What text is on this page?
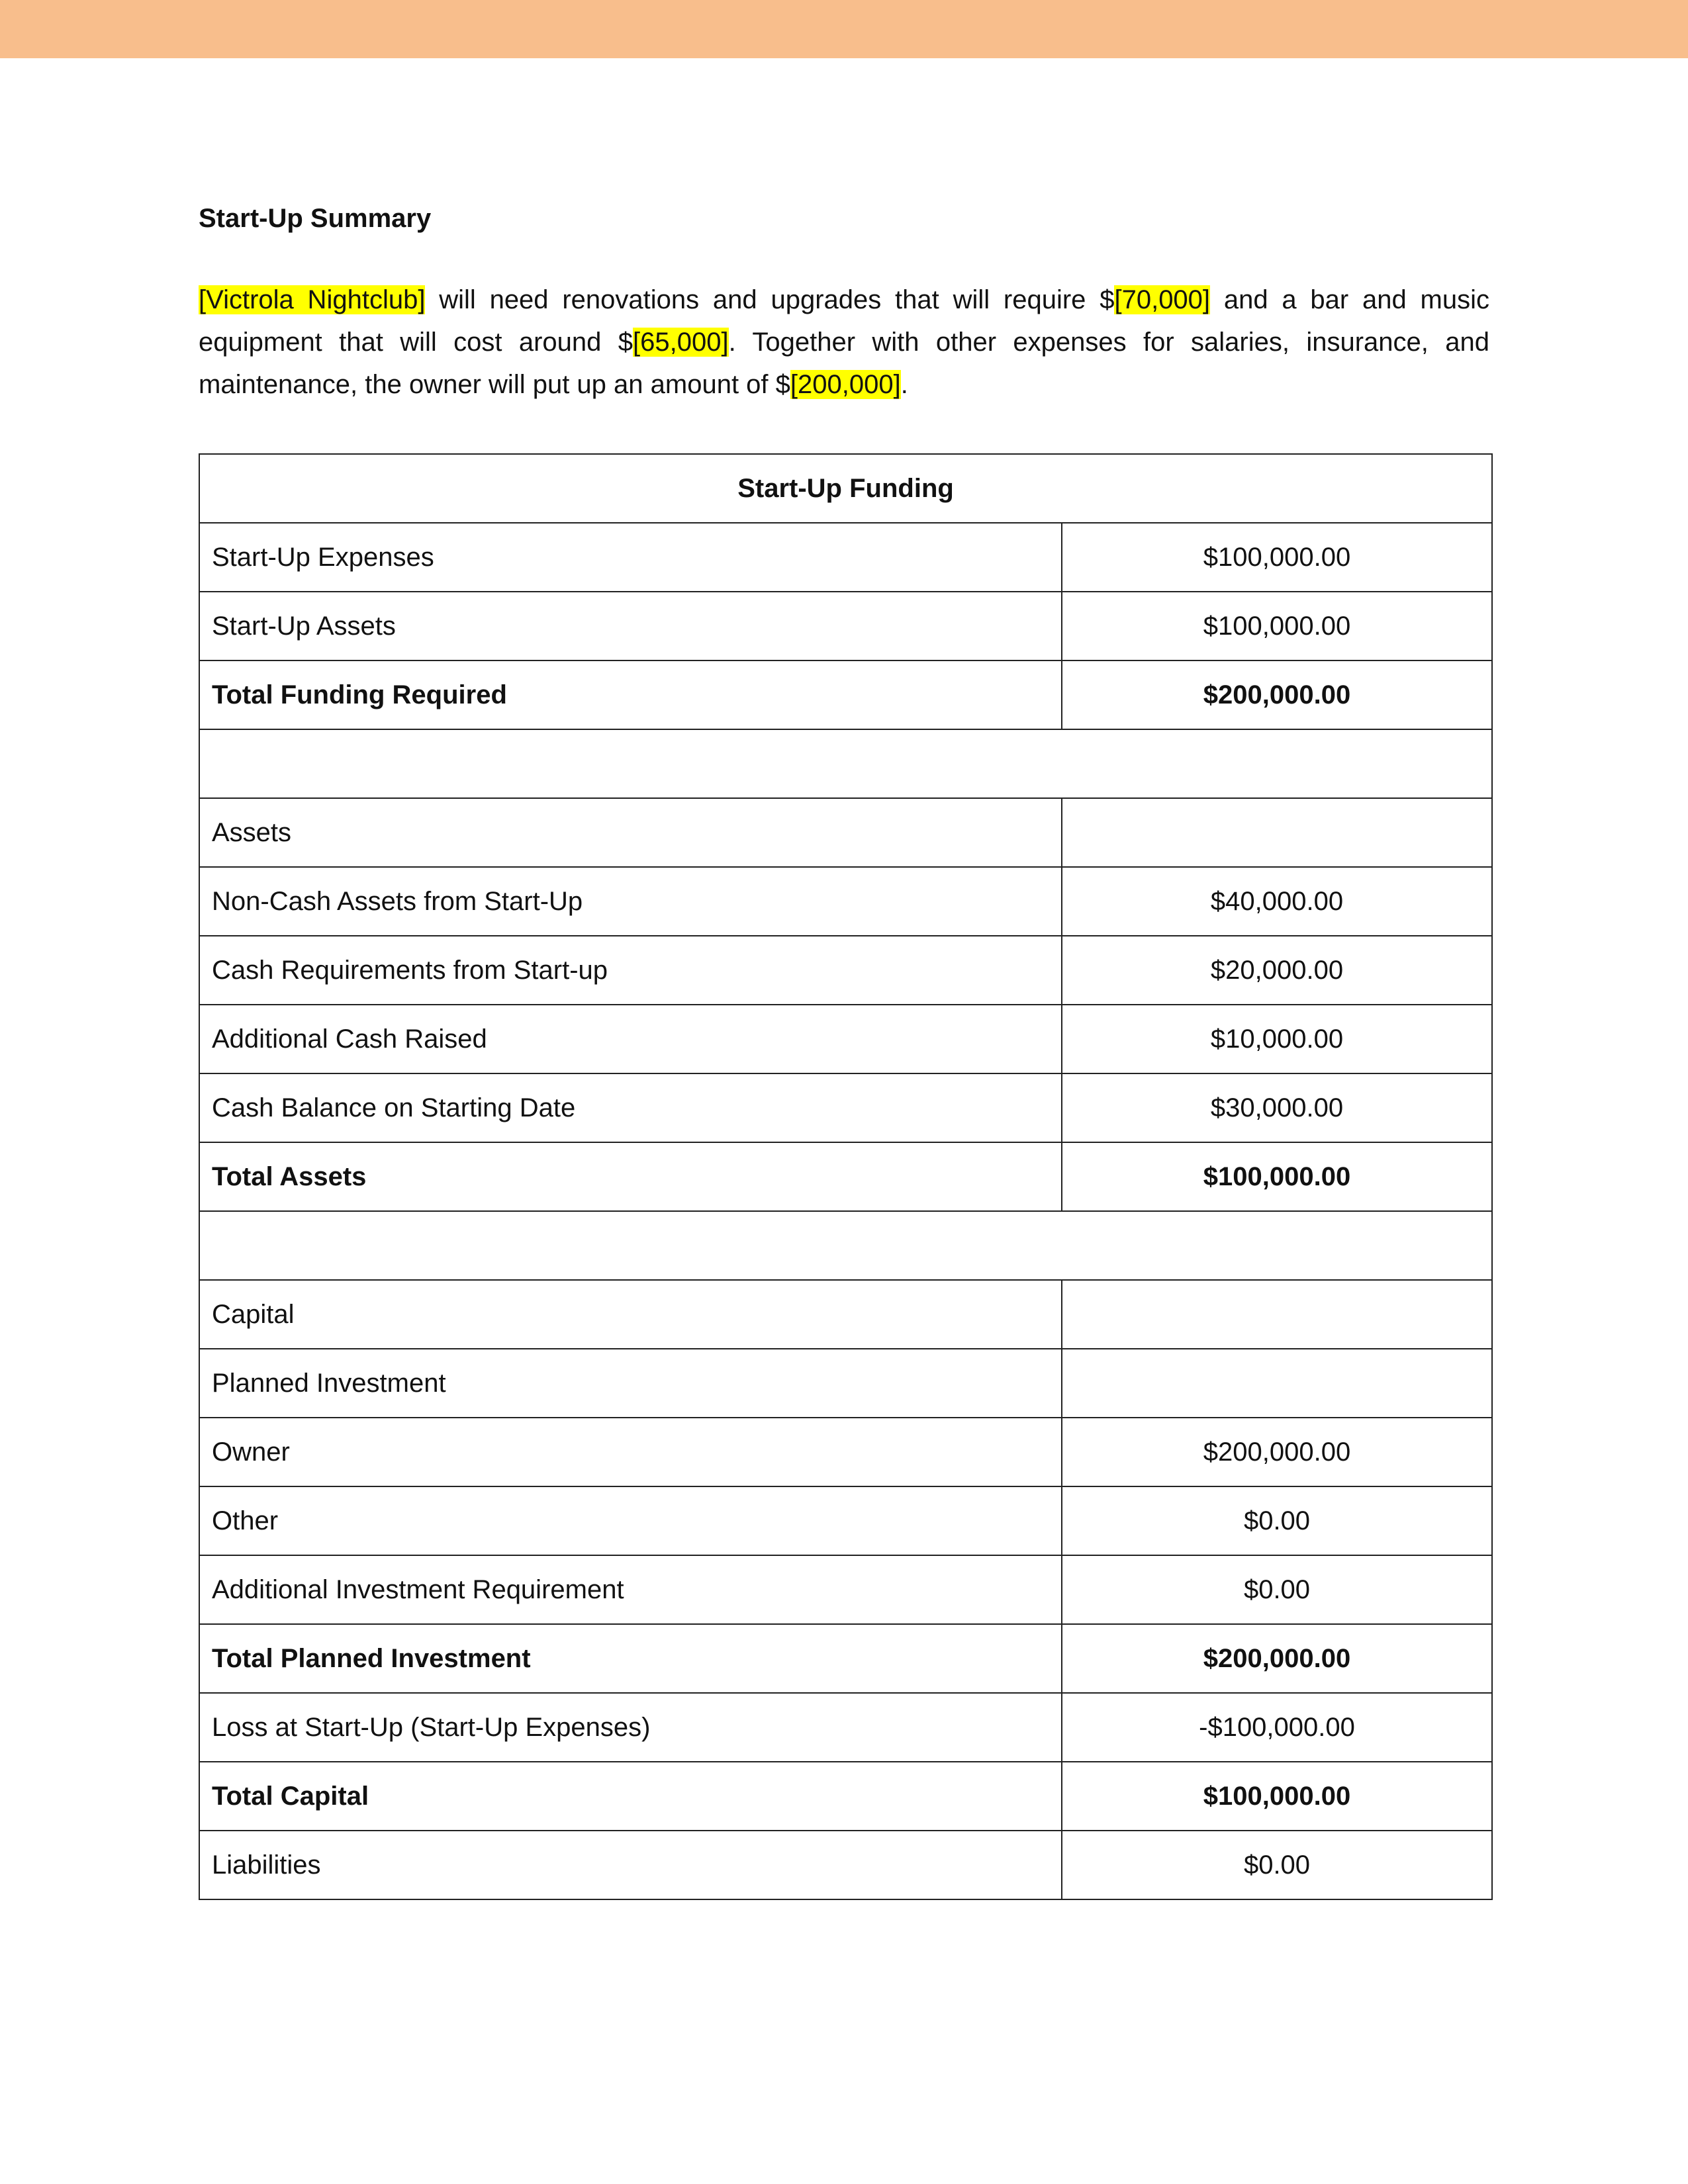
Start-Up Summary

[Victrola Nightclub] will need renovations and upgrades that will require $[70,000] and a bar and music equipment that will cost around $[65,000]. Together with other expenses for salaries, insurance, and maintenance, the owner will put up an amount of $[200,000].

Start-Up Funding	
Start-Up Expenses	$100,000.00
Start-Up Assets	$100,000.00
Total Funding Required	$200,000.00

Assets	
Non-Cash Assets from Start-Up	$40,000.00
Cash Requirements from Start-up	$20,000.00
Additional Cash Raised	$10,000.00
Cash Balance on Starting Date	$30,000.00
Total Assets	$100,000.00

Capital	
Planned Investment	
Owner	$200,000.00
Other	$0.00
Additional Investment Requirement	$0.00
Total Planned Investment	$200,000.00
Loss at Start-Up (Start-Up Expenses)	-$100,000.00
Total Capital	$100,000.00
Liabilities	$0.00
